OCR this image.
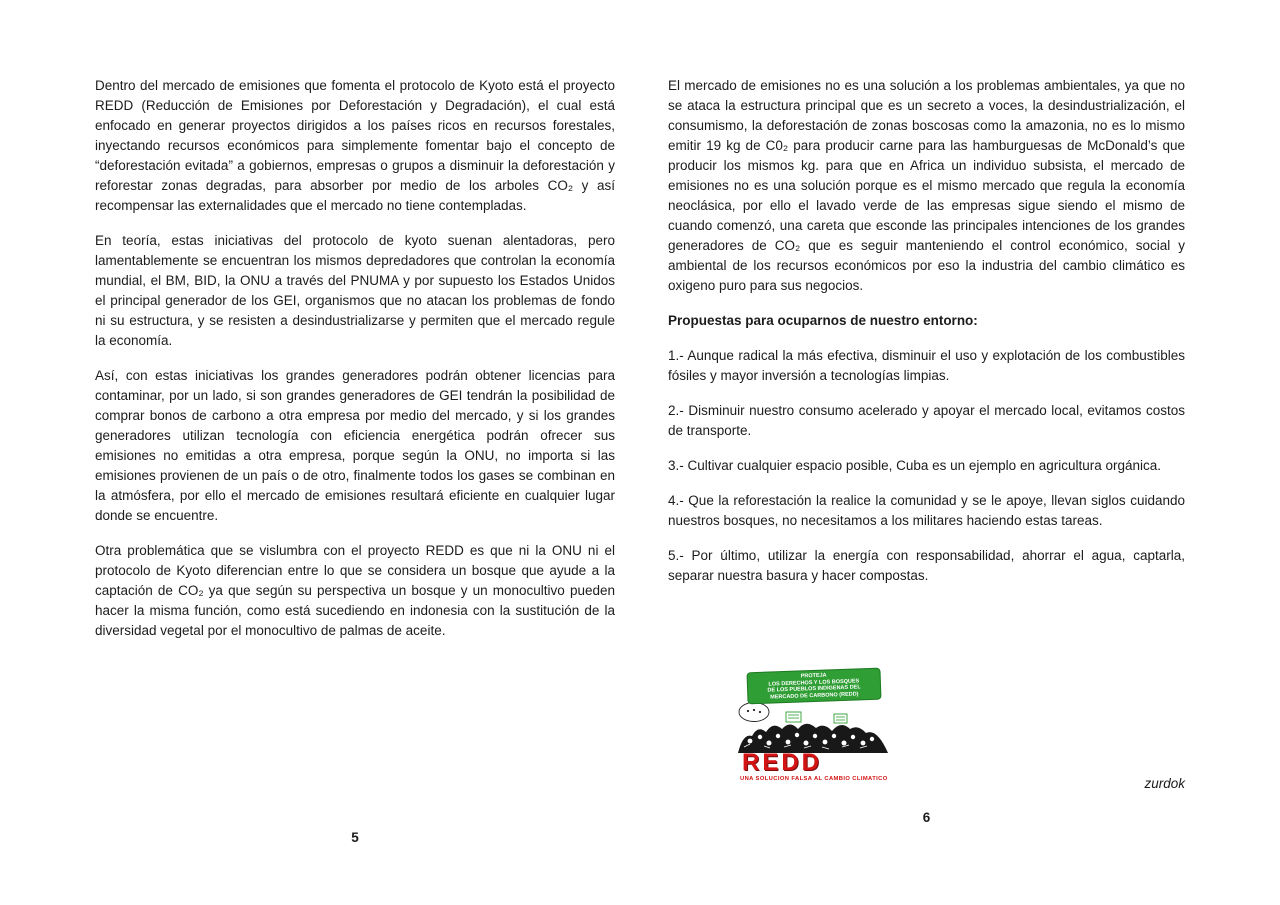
Dentro del mercado de emisiones que fomenta el protocolo de Kyoto está el proyecto REDD (Reducción de Emisiones por Deforestación y Degradación), el cual está enfocado en generar proyectos dirigidos a los países ricos en recursos forestales, inyectando recursos económicos para simplemente fomentar bajo el concepto de “deforestación evitada” a gobiernos, empresas o grupos a disminuir la deforestación y reforestar zonas degradas, para absorber por medio de los arboles CO₂ y así recompensar las externalidades que el mercado no tiene contempladas.

En teoría, estas iniciativas del protocolo de kyoto suenan alentadoras, pero lamentablemente se encuentran los mismos depredadores que controlan la economía mundial, el BM, BID, la ONU a través del PNUMA y por supuesto los Estados Unidos el principal generador de los GEI, organismos que no atacan los problemas de fondo ni su estructura, y se resisten a desindustrializarse y permiten que el mercado regule la economía.

Así, con estas iniciativas los grandes generadores podrán obtener licencias para contaminar, por un lado, si son grandes generadores de GEI tendrán la posibilidad de comprar bonos de carbono a otra empresa por medio del mercado, y si los grandes generadores utilizan tecnología con eficiencia energética podrán ofrecer sus emisiones no emitidas a otra empresa, porque según la ONU, no importa si las emisiones provienen de un país o de otro, finalmente todos los gases se combinan en la atmósfera, por ello el mercado de emisiones resultará eficiente en cualquier lugar donde se encuentre.

Otra problemática que se vislumbra con el proyecto REDD es que ni la ONU ni el protocolo de Kyoto diferencian entre lo que se considera un bosque que ayude a la captación de CO₂ ya que según su perspectiva un bosque y un monocultivo pueden hacer la misma función, como está sucediendo en indonesia con la sustitución de la diversidad vegetal por el monocultivo de palmas de aceite.

5

El mercado de emisiones no es una solución a los problemas ambientales, ya que no se ataca la estructura principal que es un secreto a voces, la desindustrialización, el consumismo, la deforestación de zonas boscosas como la amazonia, no es lo mismo emitir 19 kg de C0₂ para producir carne para las hamburguesas de McDonald’s que producir los mismos kg. para que en Africa un individuo subsista, el mercado de emisiones no es una solución porque es el mismo mercado que regula la economía neoclásica, por ello el lavado verde de las empresas sigue siendo el mismo de cuando comenzó, una careta que esconde las principales intenciones de los grandes generadores de CO₂ que es seguir manteniendo el control económico, social y ambiental de los recursos económicos por eso la industria del cambio climático es oxigeno puro para sus negocios.

Propuestas para ocuparnos de nuestro entorno:

1.- Aunque radical la más efectiva, disminuir el uso y explotación de los combustibles fósiles y mayor inversión a tecnologías limpias.

2.- Disminuir nuestro consumo acelerado y apoyar el mercado local, evitamos costos de transporte.

3.- Cultivar cualquier espacio posible, Cuba es un ejemplo en agricultura orgánica.

4.- Que la reforestación la realice la comunidad y se le apoye, llevan siglos cuidando nuestros bosques, no necesitamos a los militares haciendo estas tareas.

5.- Por último, utilizar la energía con responsabilidad, ahorrar el agua, captarla, separar nuestra basura y hacer compostas.

PROTEJA
LOS DERECHOS Y LOS BOSQUES
DE LOS PUEBLOS INDIGENAS DEL
MERCADO DE CARBONO (REDD)
REDD
UNA SOLUCION FALSA AL CAMBIO CLIMATICO	zurdok
6
